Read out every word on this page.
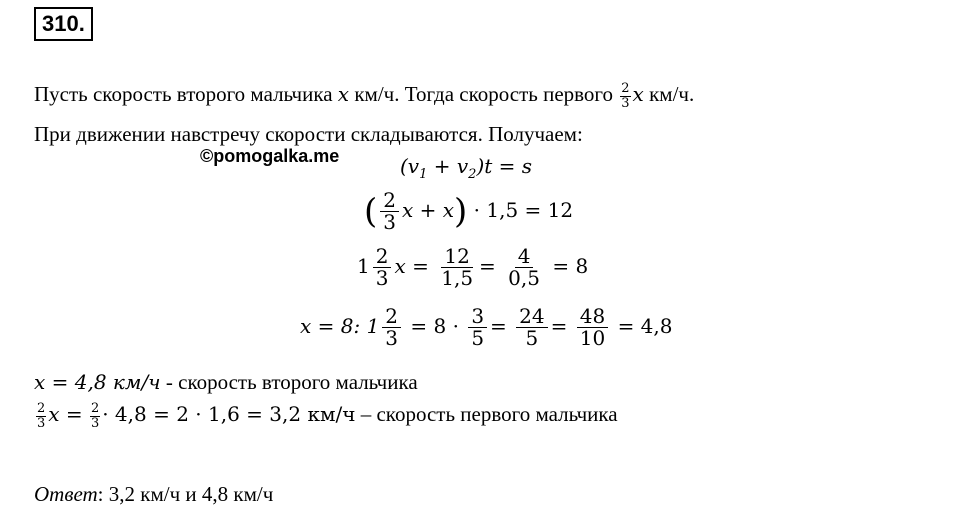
310.
Пусть скорость второго мальчика x км/ч. Тогда скорость первого $\frac{2}{3}$ x км/ч.
При движении навстречу скорости складываются. Получаем:
©pomogalka.me	$(v_1 + v_2)t = s$
( $\frac{2}{3}$ x + x) · 1,5 = 12
$1 \frac{2}{3}$ $x = \frac{12}{1,5} = \frac{4}{0,5} = 8$
x = 8: $1 \frac{2}{3} = 8 \cdot \frac{3}{5} = \frac{24}{5} = \frac{48}{10} = 4,8$
x = 4,8 км/ч - скорость второго мальчика
$\frac{2}{3}$ $x = \frac{2}{3} \cdot 4,8 = 2 \cdot 1,6 = 3,2$ км/ч – скорость первого мальчика
Ответ: 3,2 км/ч и 4,8 км/ч
